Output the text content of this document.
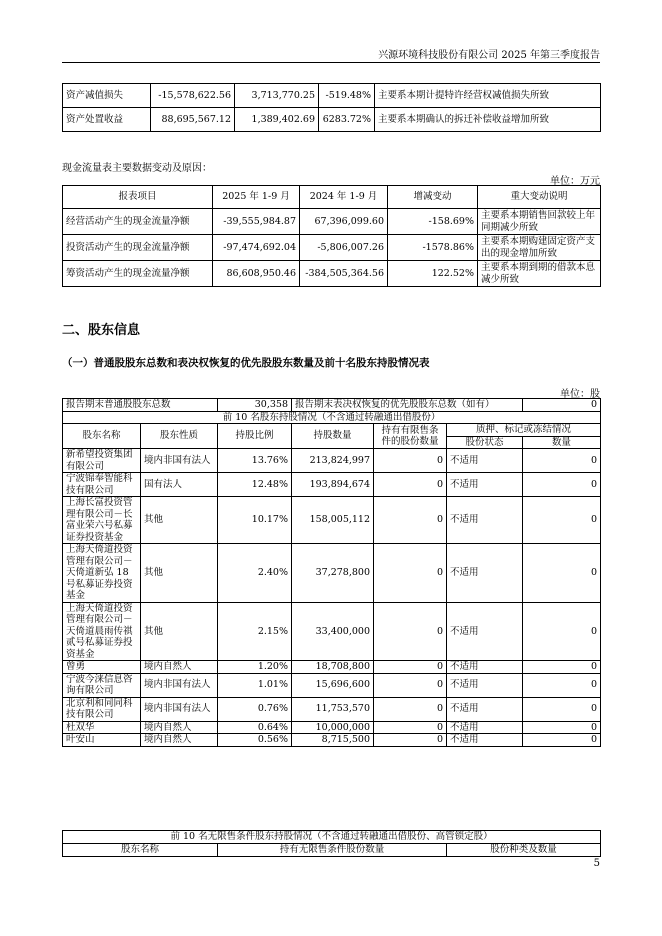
兴源环境科技股份有限公司 2025 年第三季度报告
资产减值损失	-15,578,622.56	3,713,770.25	-519.48%	主要系本期计提特许经营权减值损失所致
资产处置收益	88,695,567.12	1,389,402.69	6283.72%	主要系本期确认的拆迁补偿收益增加所致
现金流量表主要数据变动及原因：
单位：万元
报表项目	2025 年 1-9 月	2024 年 1-9 月	增减变动	重大变动说明
经营活动产生的现金流量净额	-39,555,984.87	67,396,099.60	-158.69%	主要系本期销售回款较上年同期减少所致
投资活动产生的现金流量净额	-97,474,692.04	-5,806,007.26	-1578.86%	主要系本期购建固定资产支出的现金增加所致
筹资活动产生的现金流量净额	86,608,950.46	-384,505,364.56	122.52%	主要系本期到期的借款本息减少所致
二、股东信息
（一）普通股股东总数和表决权恢复的优先股股东数量及前十名股东持股情况表
单位：股
报告期末普通股股东总数		30,358	报告期末表决权恢复的优先股股东总数（如有）			0
前 10 名股东持股情况（不含通过转融通出借股份）						
股东名称	股东性质	持股比例	持股数量	持有有限售条件的股份数量	质押、标记或冻结情况	
					股份状态	数量
新希望投资集团有限公司	境内非国有法人	13.76%	213,824,997	0	不适用	0
宁波锦奉智能科技有限公司	国有法人	12.48%	193,894,674	0	不适用	0
上海长富投资管理有限公司－长富业荣六号私募证券投资基金	其他	10.17%	158,005,112	0	不适用	0
上海天倚道投资管理有限公司－天倚道新弘 18 号私募证券投资基金	其他	2.40%	37,278,800	0	不适用	0
上海天倚道投资管理有限公司－天倚道晨雨传祺贰号私募证券投资基金	其他	2.15%	33,400,000	0	不适用	0
曾勇	境内自然人	1.20%	18,708,800	0	不适用	0
宁波今涞信息咨询有限公司	境内非国有法人	1.01%	15,696,600	0	不适用	0
北京利和同同科技有限公司	境内非国有法人	0.76%	11,753,570	0	不适用	0
杜双华	境内自然人	0.64%	10,000,000	0	不适用	0
叶安山	境内自然人	0.56%	8,715,500	0	不适用	0
前 10 名无限售条件股东持股情况（不含通过转融通出借股份、高管锁定股）
股东名称	持有无限售条件股份数量	股份种类及数量
5
